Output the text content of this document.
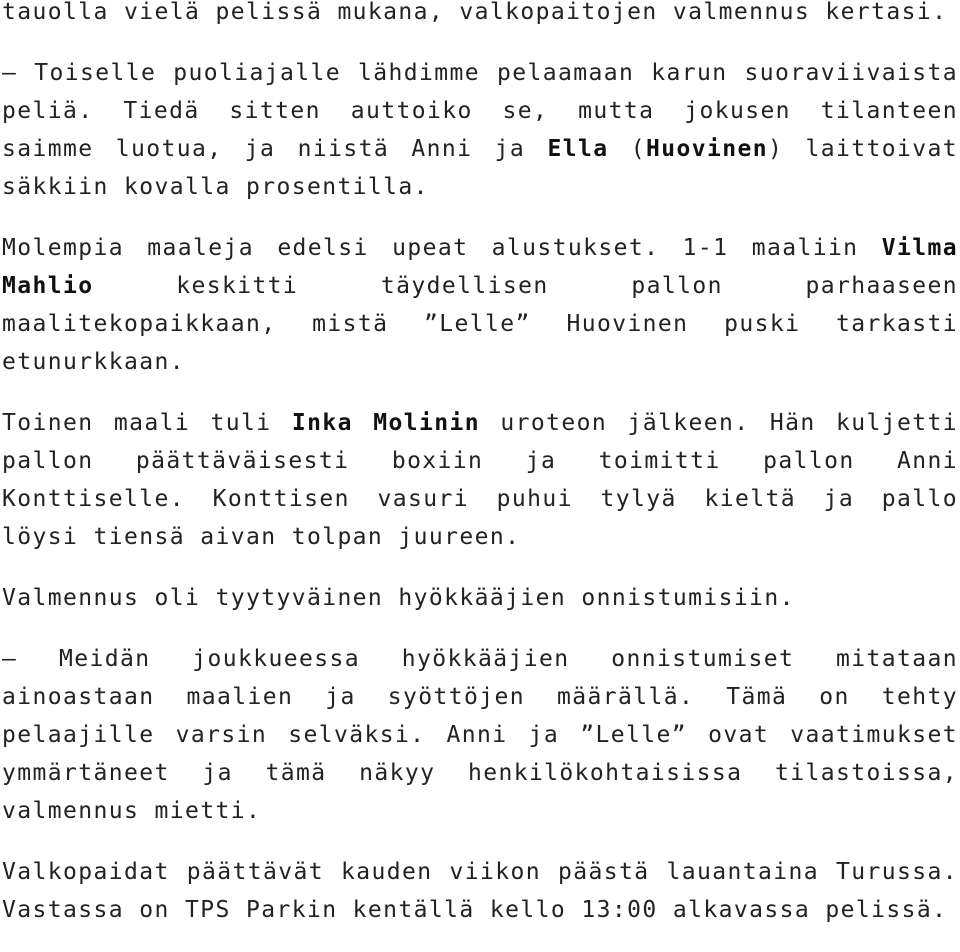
tauolla vielä pelissä mukana, valkopaitojen valmennus kertasi.

– Toiselle puoliajalle lähdimme pelaamaan karun suoraviivaista peliä. Tiedä sitten auttoiko se, mutta jokusen tilanteen saimme luotua, ja niistä Anni ja Ella (Huovinen) laittoivat säkkiin kovalla prosentilla.

Molempia maaleja edelsi upeat alustukset. 1-1 maaliin Vilma Mahlio keskitti täydellisen pallon parhaaseen maalitekopaikkaan, mistä ”Lelle” Huovinen puski tarkasti etunurkkaan.

Toinen maali tuli Inka Molinin uroteon jälkeen. Hän kuljetti pallon päättäväisesti boxiin ja toimitti pallon Anni Konttiselle. Konttisen vasuri puhui tylyä kieltä ja pallo löysi tiensä aivan tolpan juureen.

Valmennus oli tyytyväinen hyökkääjien onnistumisiin.

– Meidän joukkueessa hyökkääjien onnistumiset mitataan ainoastaan maalien ja syöttöjen määrällä. Tämä on tehty pelaajille varsin selväksi. Anni ja ”Lelle” ovat vaatimukset ymmärtäneet ja tämä näkyy henkilökohtaisissa tilastoissa, valmennus mietti.

Valkopaidat päättävät kauden viikon päästä lauantaina Turussa. Vastassa on TPS Parkin kentällä kello 13:00 alkavassa pelissä.
